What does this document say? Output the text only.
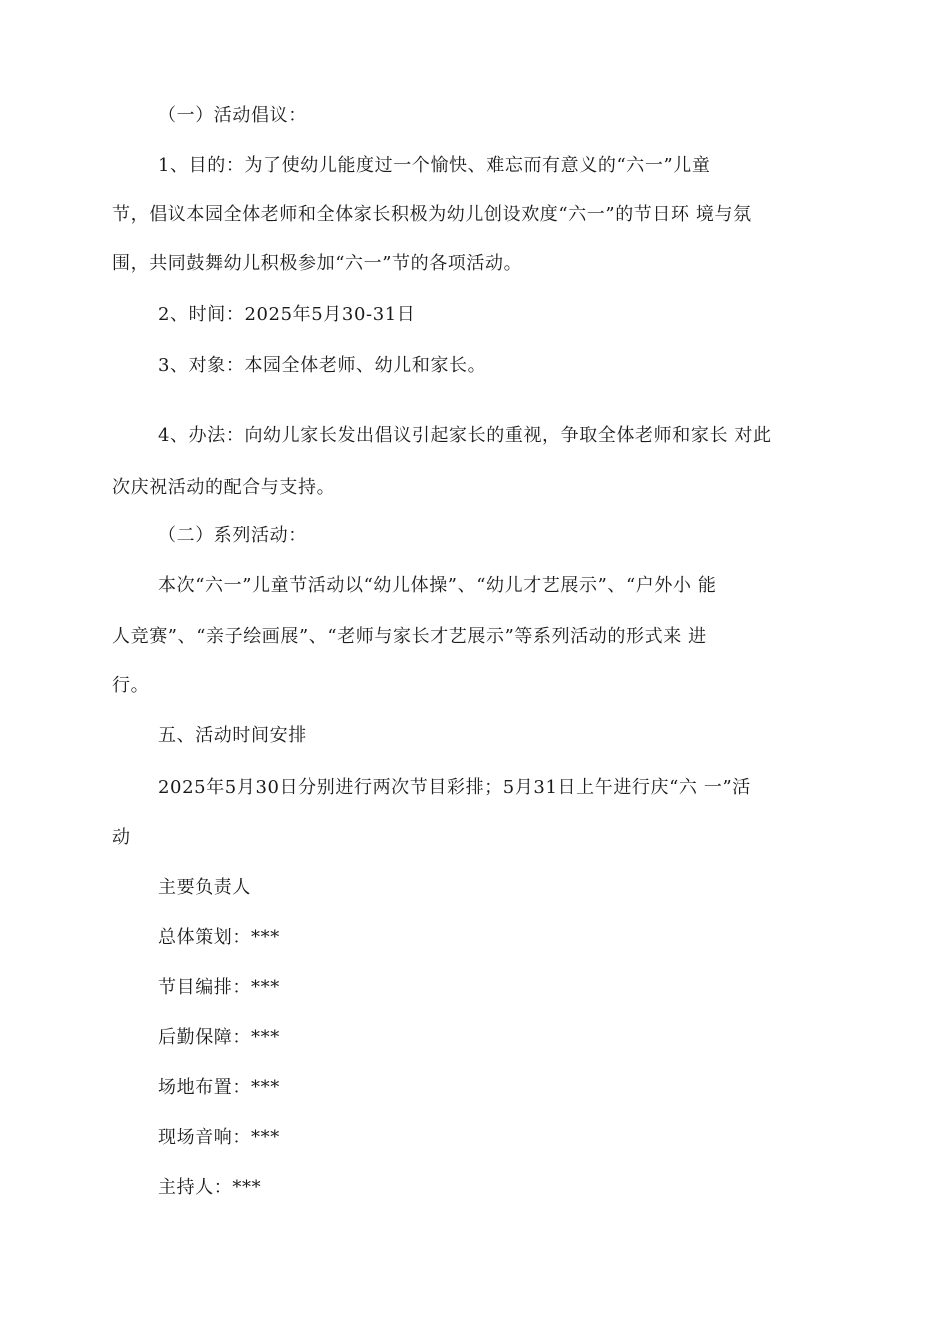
（一）活动倡议：
1、目的：为了使幼儿能度过一个愉快、难忘而有意义的“六一”儿童
节，倡议本园全体老师和全体家长积极为幼儿创设欢度“六一”的节日环 境与氛
围，共同鼓舞幼儿积极参加“六一”节的各项活动。
2、时间：2025年5月30-31日
3、对象：本园全体老师、幼儿和家长。
4、办法：向幼儿家长发出倡议引起家长的重视，争取全体老师和家长 对此
次庆祝活动的配合与支持。
（二）系列活动：
本次“六一”儿童节活动以“幼儿体操”、“幼儿才艺展示”、“户外小 能
人竞赛”、“亲子绘画展”、“老师与家长才艺展示”等系列活动的形式来 进
行。
五、活动时间安排
2025年5月30日分别进行两次节目彩排；5月31日上午进行庆“六 一”活
动
主要负责人
总体策划：***
节目编排：***
后勤保障：***
场地布置：***
现场音响：***
主持人：***
